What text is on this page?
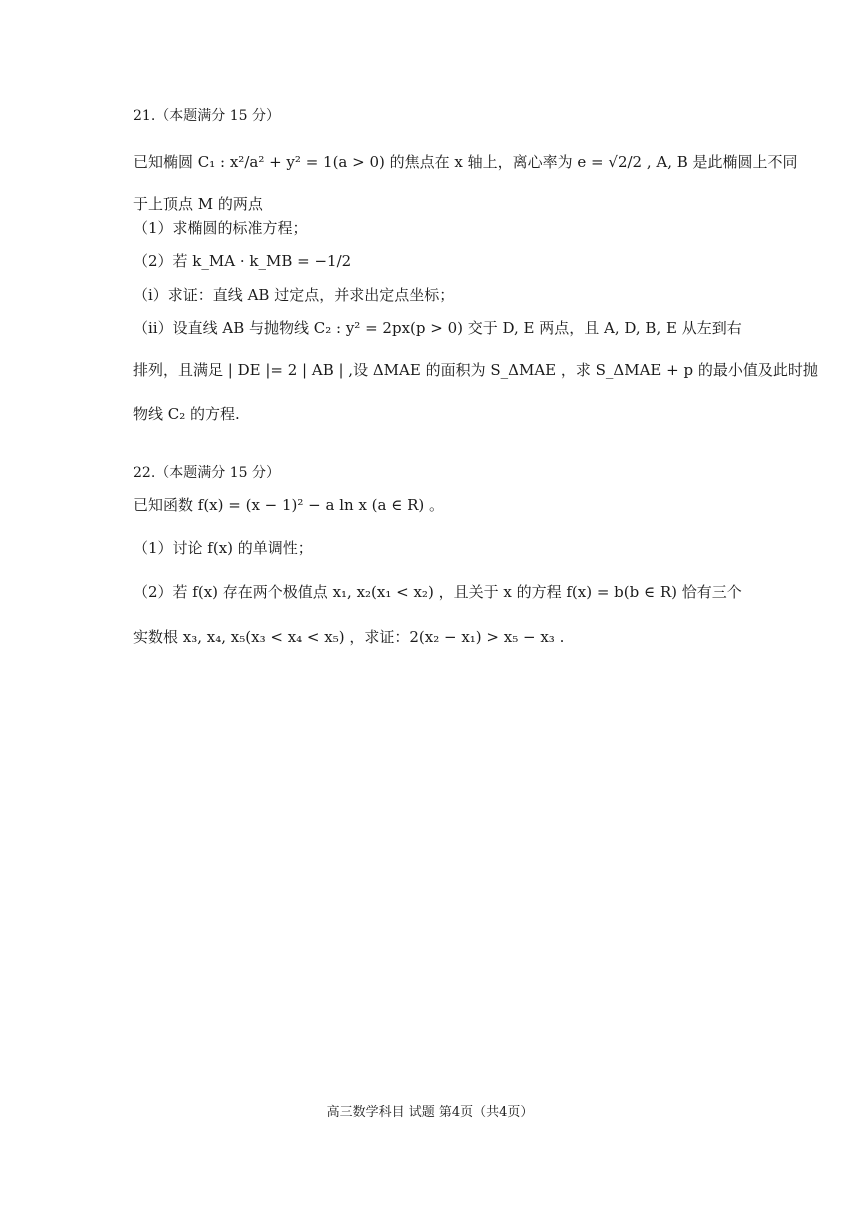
21.（本题满分 15 分）
已知椭圆 C₁ : x²/a² + y² = 1(a > 0) 的焦点在 x 轴上，离心率为 e = √2/2 , A, B 是此椭圆上不同
于上顶点 M 的两点
（1）求椭圆的标准方程；
（2）若 k_MA · k_MB = −1/2
（ⅰ）求证：直线 AB 过定点，并求出定点坐标；
（ⅱ）设直线 AB 与抛物线 C₂ : y² = 2px(p > 0) 交于 D, E 两点，且 A, D, B, E 从左到右
排列，且满足 | DE |= 2 | AB | ,设 ΔMAE 的面积为 S_ΔMAE ，求 S_ΔMAE + p 的最小值及此时抛
物线 C₂ 的方程.
22.（本题满分 15 分）
已知函数 f(x) = (x − 1)² − a ln x (a ∈ R) 。
（1）讨论 f(x) 的单调性；
（2）若 f(x) 存在两个极值点 x₁, x₂(x₁ < x₂) ，且关于 x 的方程 f(x) = b(b ∈ R) 恰有三个
实数根 x₃, x₄, x₅(x₃ < x₄ < x₅) ，求证：2(x₂ − x₁) > x₅ − x₃ .
高三数学科目 试题 第4页（共4页）
